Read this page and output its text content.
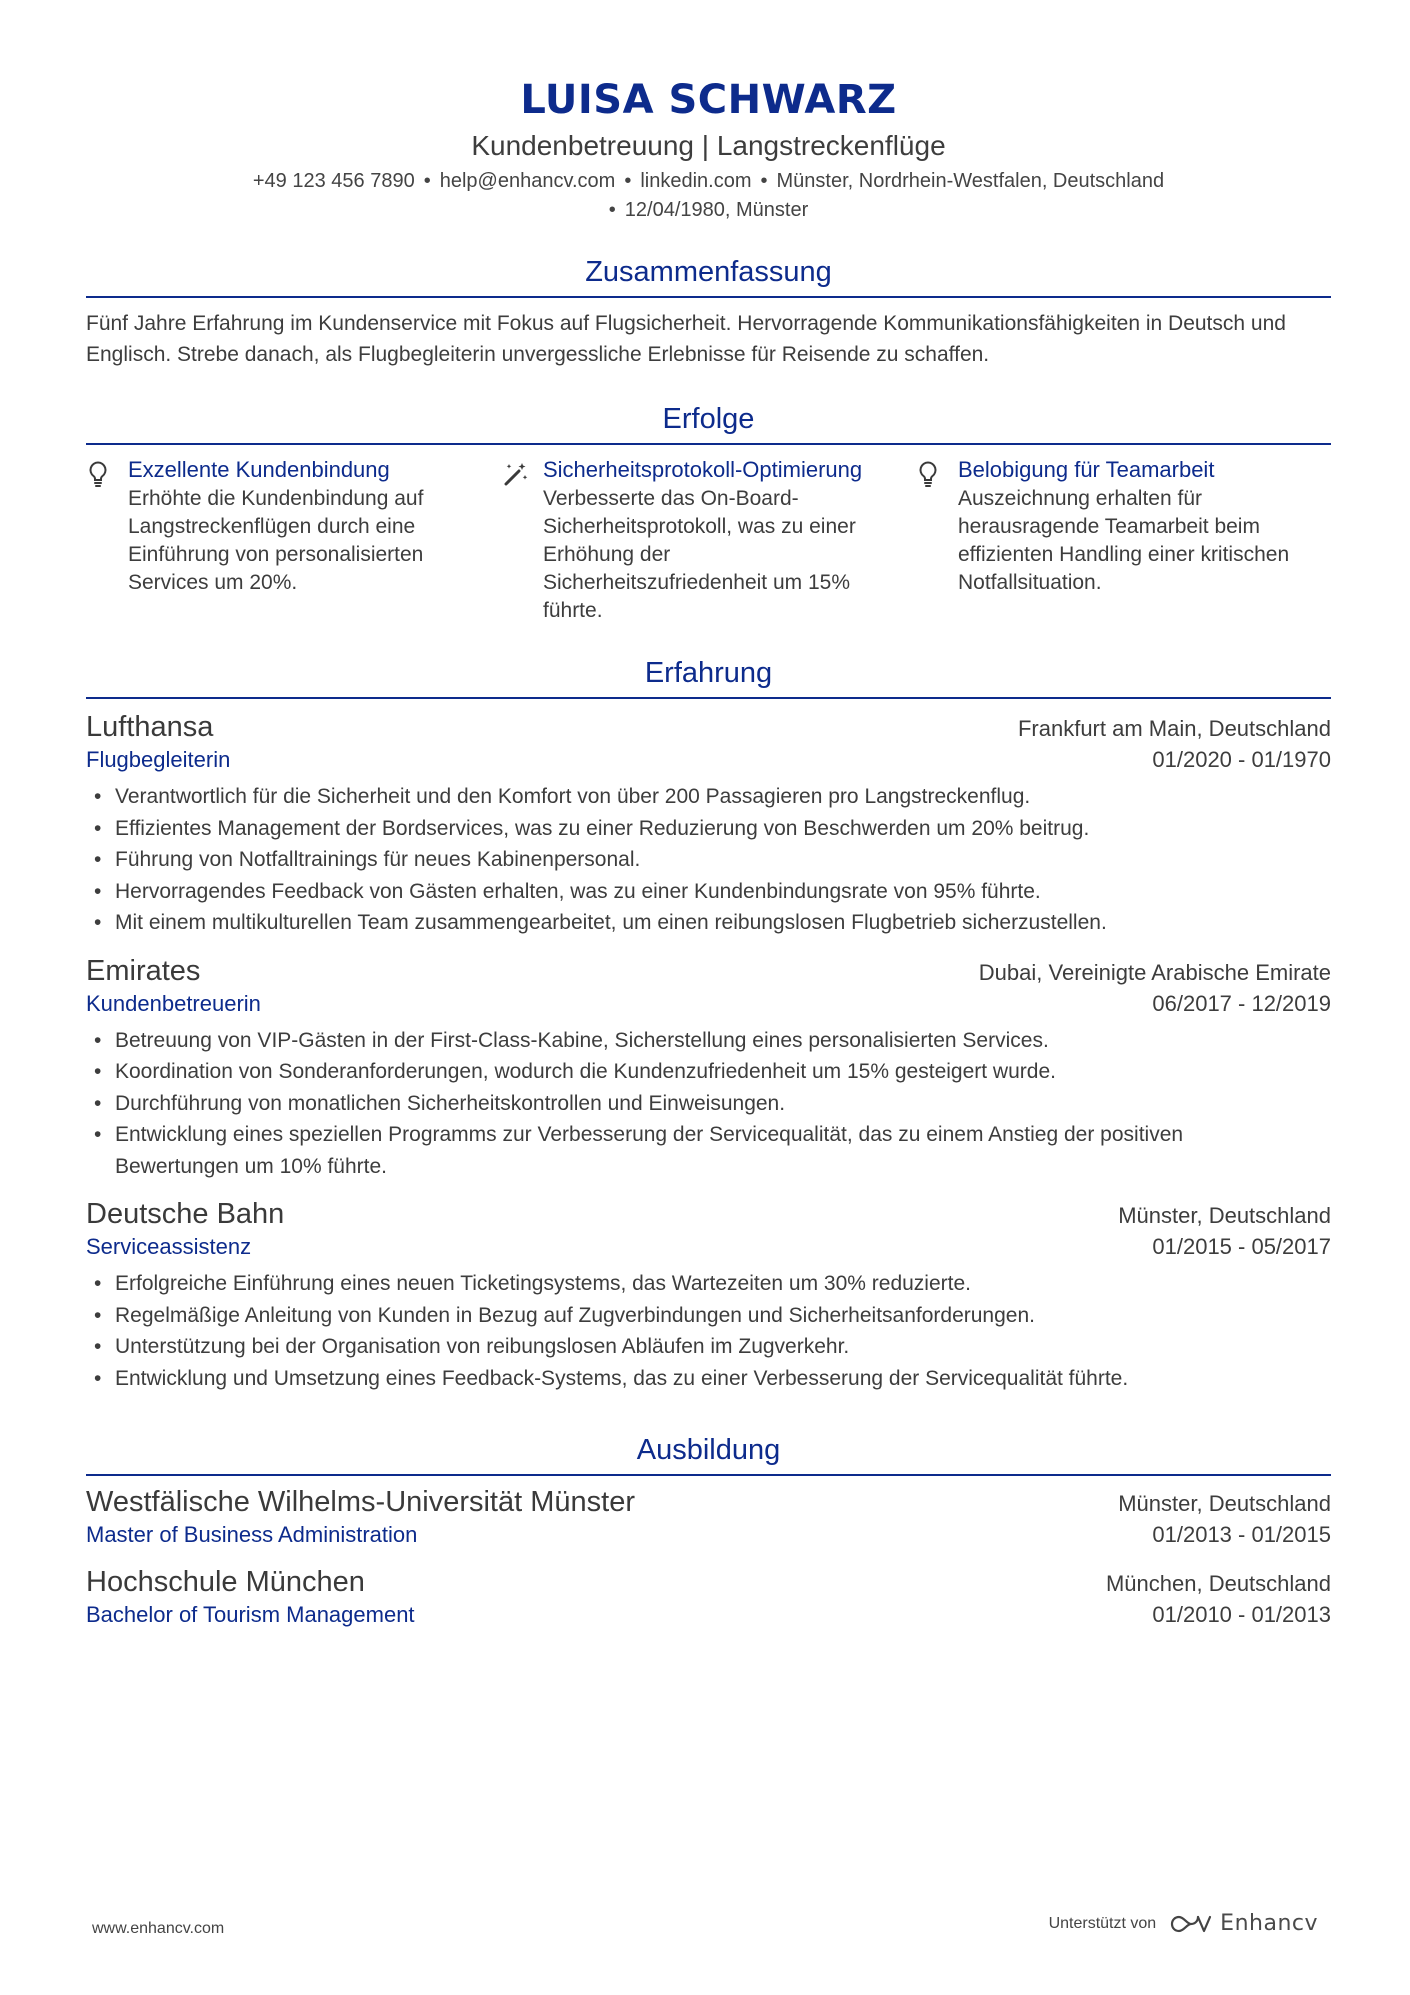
LUISA SCHWARZ
Kundenbetreuung | Langstreckenflüge
+49 123 456 7890 • help@enhancv.com • linkedin.com • Münster, Nordrhein-Westfalen, Deutschland
• 12/04/1980, Münster
Zusammenfassung
Fünf Jahre Erfahrung im Kundenservice mit Fokus auf Flugsicherheit. Hervorragende Kommunikationsfähigkeiten in Deutsch und Englisch. Strebe danach, als Flugbegleiterin unvergessliche Erlebnisse für Reisende zu schaffen.
Erfolge
Exzellente Kundenbindung
Erhöhte die Kundenbindung auf Langstreckenflügen durch eine Einführung von personalisierten Services um 20%.
Sicherheitsprotokoll-Optimierung
Verbesserte das On-Board-Sicherheitsprotokoll, was zu einer Erhöhung der Sicherheitszufriedenheit um 15% führte.
Belobigung für Teamarbeit
Auszeichnung erhalten für herausragende Teamarbeit beim effizienten Handling einer kritischen Notfallsituation.
Erfahrung
Lufthansa	Frankfurt am Main, Deutschland
Flugbegleiterin	01/2020 - 01/1970
• Verantwortlich für die Sicherheit und den Komfort von über 200 Passagieren pro Langstreckenflug.
• Effizientes Management der Bordservices, was zu einer Reduzierung von Beschwerden um 20% beitrug.
• Führung von Notfalltrainings für neues Kabinenpersonal.
• Hervorragendes Feedback von Gästen erhalten, was zu einer Kundenbindungsrate von 95% führte.
• Mit einem multikulturellen Team zusammengearbeitet, um einen reibungslosen Flugbetrieb sicherzustellen.
Emirates	Dubai, Vereinigte Arabische Emirate
Kundenbetreuerin	06/2017 - 12/2019
• Betreuung von VIP-Gästen in der First-Class-Kabine, Sicherstellung eines personalisierten Services.
• Koordination von Sonderanforderungen, wodurch die Kundenzufriedenheit um 15% gesteigert wurde.
• Durchführung von monatlichen Sicherheitskontrollen und Einweisungen.
• Entwicklung eines speziellen Programms zur Verbesserung der Servicequalität, das zu einem Anstieg der positiven Bewertungen um 10% führte.
Deutsche Bahn	Münster, Deutschland
Serviceassistenz	01/2015 - 05/2017
• Erfolgreiche Einführung eines neuen Ticketingsystems, das Wartezeiten um 30% reduzierte.
• Regelmäßige Anleitung von Kunden in Bezug auf Zugverbindungen und Sicherheitsanforderungen.
• Unterstützung bei der Organisation von reibungslosen Abläufen im Zugverkehr.
• Entwicklung und Umsetzung eines Feedback-Systems, das zu einer Verbesserung der Servicequalität führte.
Ausbildung
Westfälische Wilhelms-Universität Münster	Münster, Deutschland
Master of Business Administration	01/2013 - 01/2015
Hochschule München	München, Deutschland
Bachelor of Tourism Management	01/2010 - 01/2013
www.enhancv.com	Unterstützt von	Enhancv
